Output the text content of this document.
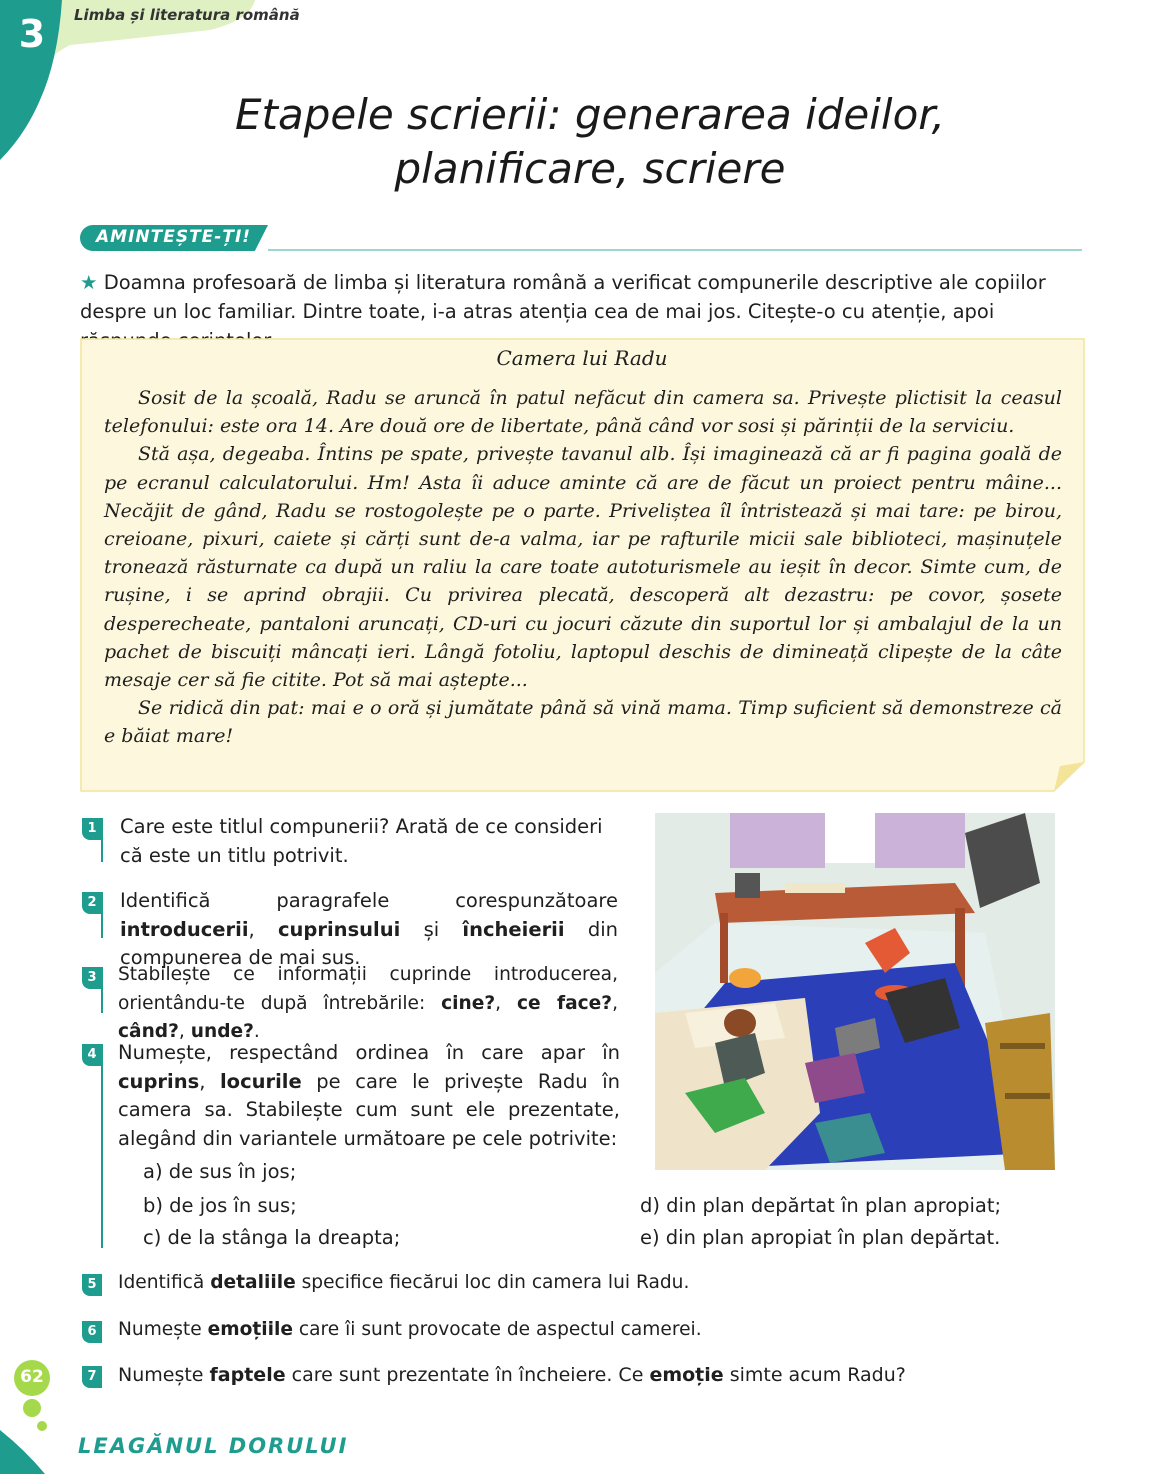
3	Limba și literatura română
Etapele scrierii: generarea ideilor,
planificare, scriere
AMINTEȘTE-ȚI!
★ Doamna profesoară de limba și literatura română a verificat compunerile descriptive ale copiilor despre un loc familiar. Dintre toate, i-a atras atenția cea de mai jos. Citește-o cu atenție, apoi
Camera lui Radu

Sosit de la școală, Radu se aruncă în patul nefăcut din camera sa. Privește plictisit la ceasul telefonului: este ora 14. Are două ore de libertate, până când vor sosi și părinții de la serviciu.

Stă așa, degeaba. Întins pe spate, privește tavanul alb. Își imaginează că ar fi pagina goală de pe ecranul calculatorului. Hm! Asta îi aduce aminte că are de făcut un proiect pentru mâine... Necăjit de gând, Radu se rostogolește pe o parte. Priveliștea îl întristează și mai tare: pe birou, creioane, pixuri, caiete și cărți sunt de-a valma, iar pe rafturile micii sale biblioteci, mașinuțele tronează răsturnate ca după un raliu la care toate autoturismele au ieșit în decor. Simte cum, de rușine, i se aprind obrajii. Cu privirea plecată, descoperă alt dezastru: pe covor, șosete desperecheate, pantaloni aruncați, CD-uri cu jocuri căzute din suportul lor și ambalajul de la un pachet de biscuiți mâncați ieri. Lângă fotoliu, laptopul deschis de dimineață clipește de la câte mesaje cer să fie citite. Pot să mai aștepte...

Se ridică din pat: mai e o oră și jumătate până să vină mama. Timp suficient să demonstreze că e băiat mare!

1 Care este titlul compunerii? Arată de ce consideri că este un titlu potrivit.
2 Identifică paragrafele corespunzătoare introducerii, cuprinsului și încheierii din compunerea de mai sus.
3 Stabilește ce informații cuprinde introducerea, orientându-te după întrebările: cine?, ce face?, când?, unde?.
4 Numește, respectând ordinea în care apar în cuprins, locurile pe care le privește Radu în camera sa. Stabilește cum sunt ele prezentate, alegând din variantele următoare pe cele potrivite:
a) de sus în jos;
b) de jos în sus;
c) de la stânga la dreapta;
d) din plan depărtat în plan apropiat;
e) din plan apropiat în plan depărtat.
5 Identifică detaliile specifice fiecărui loc din camera lui Radu.
6 Numește emoțiile care îi sunt provocate de aspectul camerei.
7 Numește faptele care sunt prezentate în încheiere. Ce emoție simte acum Radu?
62
LEAGĂNUL DORULUI
